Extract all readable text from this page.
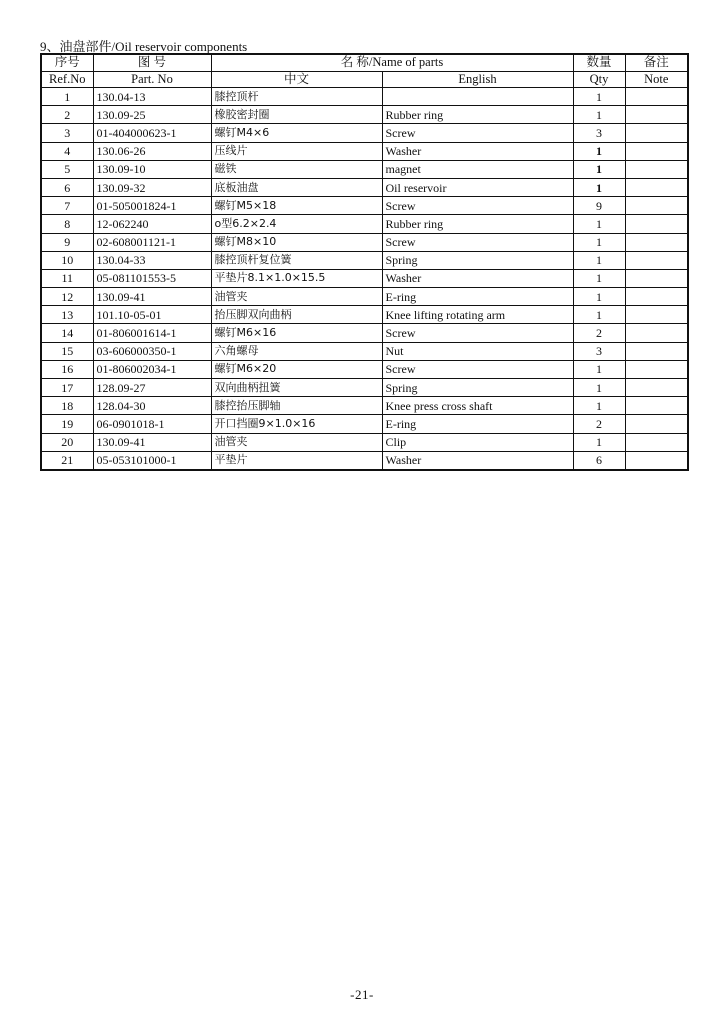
9、油盘部件/Oil reservoir components
序号	图 号	名 称/Name of parts		数量	备注
Ref.No	Part. No	中文	English	Qty	Note
1	130.04-13	膝控顶杆		1	
2	130.09-25	橡胶密封圈	Rubber ring	1	
3	01-404000623-1	螺钉M4×6	Screw	3	
4	130.06-26	压线片	Washer	1	
5	130.09-10	磁铁	magnet	1	
6	130.09-32	底板油盘	Oil reservoir	1	
7	01-505001824-1	螺钉M5×18	Screw	9	
8	12-062240	o型6.2×2.4	Rubber ring	1	
9	02-608001121-1	螺钉M8×10	Screw	1	
10	130.04-33	膝控顶杆复位簧	Spring	1	
11	05-081101553-5	平垫片8.1×1.0×15.5	Washer	1	
12	130.09-41	油管夹	E-ring	1	
13	101.10-05-01	抬压脚双向曲柄	Knee lifting rotating arm	1	
14	01-806001614-1	螺钉M6×16	Screw	2	
15	03-606000350-1	六角螺母	Nut	3	
16	01-806002034-1	螺钉M6×20	Screw	1	
17	128.09-27	双向曲柄扭簧	Spring	1	
18	128.04-30	膝控抬压脚轴	Knee press cross shaft	1	
19	06-0901018-1	开口挡圈9×1.0×16	E-ring	2	
20	130.09-41	油管夹	Clip	1	
21	05-053101000-1	平垫片	Washer	6	
-21-
